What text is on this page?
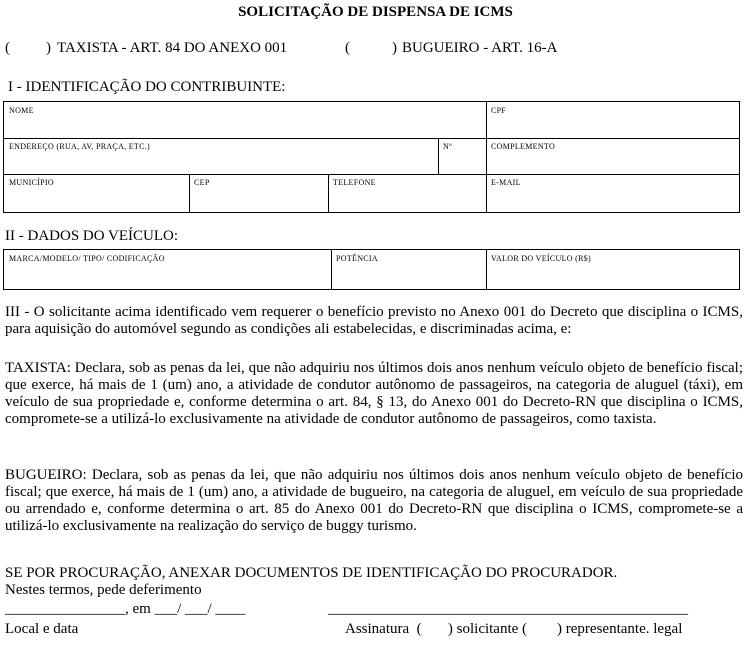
SOLICITAÇÃO DE DISPENSA DE ICMS
( ) TAXISTA - ART. 84 DO ANEXO 001	(	) BUGUEIRO - ART. 16-A
I - IDENTIFICAÇÃO DO CONTRIBUINTE:
NOME	CPF
ENDEREÇO (RUA, AV, PRAÇA, ETC.)	Nº	COMPLEMENTO
MUNICÍPIO	CEP	TELEFONE	E-MAIL
II - DADOS DO VEÍCULO:
MARCA/MODELO/ TIPO/ CODIFICAÇÃO	POTÊNCIA	VALOR DO VEÍCULO (R$)
III - O solicitante acima identificado vem requerer o benefício previsto no Anexo 001 do Decreto que disciplina o ICMS, para aquisição do automóvel segundo as condições ali estabelecidas, e discriminadas acima, e:
TAXISTA: Declara, sob as penas da lei, que não adquiriu nos últimos dois anos nenhum veículo objeto de benefício fiscal; que exerce, há mais de 1 (um) ano, a atividade de condutor autônomo de passageiros, na categoria de aluguel (táxi), em veículo de sua propriedade e, conforme determina o art. 84, § 13, do Anexo 001 do Decreto-RN que disciplina o ICMS, compromete-se a utilizá-lo exclusivamente na atividade de condutor autônomo de passageiros, como taxista.
BUGUEIRO: Declara, sob as penas da lei, que não adquiriu nos últimos dois anos nenhum veículo objeto de benefício fiscal; que exerce, há mais de 1 (um) ano, a atividade de bugueiro, na categoria de aluguel, em veículo de sua propriedade ou arrendado e, conforme determina o art. 85 do Anexo 001 do Decreto-RN que disciplina o ICMS, compromete-se a utilizá-lo exclusivamente na realização do serviço de buggy turismo.
SE POR PROCURAÇÃO, ANEXAR DOCUMENTOS DE IDENTIFICAÇÃO DO PROCURADOR.
Nestes termos, pede deferimento
________________, em ___/ ___/ ____	________________________________________________
Local e data	Assinatura  (       ) solicitante (        ) representante. legal
